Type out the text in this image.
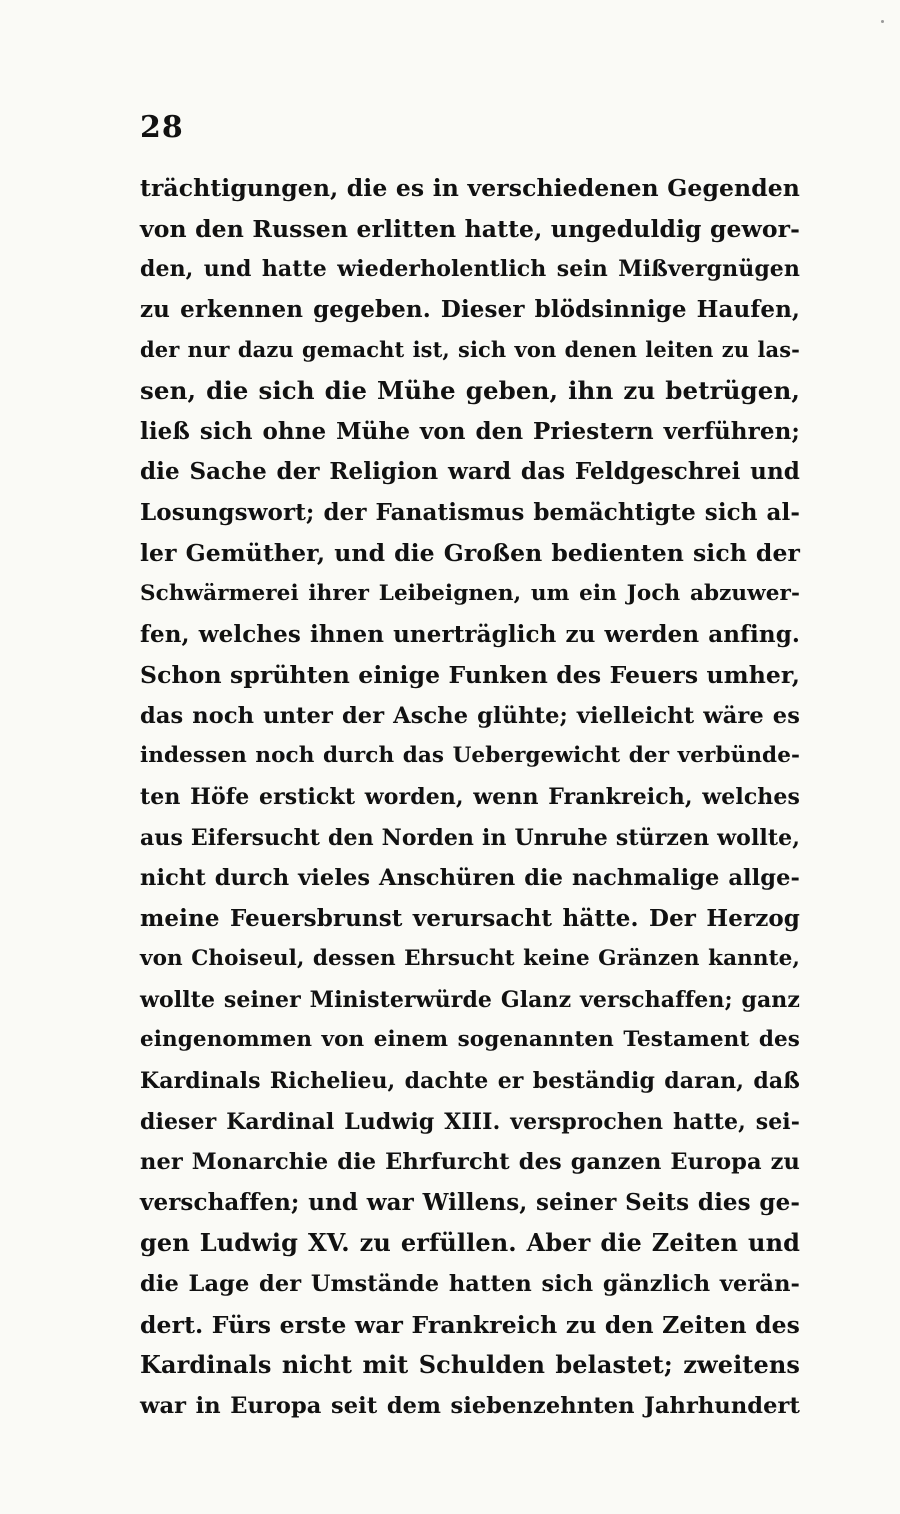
28
trächtigungen, die es in verschiedenen Gegenden
von den Russen erlitten hatte, ungeduldig gewor-
den, und hatte wiederholentlich sein Mißvergnügen
zu erkennen gegeben. Dieser blödsinnige Haufen,
der nur dazu gemacht ist, sich von denen leiten zu las-
sen, die sich die Mühe geben, ihn zu betrügen,
ließ sich ohne Mühe von den Priestern verführen;
die Sache der Religion ward das Feldgeschrei und
Losungswort; der Fanatismus bemächtigte sich al-
ler Gemüther, und die Großen bedienten sich der
Schwärmerei ihrer Leibeignen, um ein Joch abzuwer-
fen, welches ihnen unerträglich zu werden anfing.
Schon sprühten einige Funken des Feuers umher,
das noch unter der Asche glühte; vielleicht wäre es
indessen noch durch das Uebergewicht der verbünde-
ten Höfe erstickt worden, wenn Frankreich, welches
aus Eifersucht den Norden in Unruhe stürzen wollte,
nicht durch vieles Anschüren die nachmalige allge-
meine Feuersbrunst verursacht hätte. Der Herzog
von Choiseul, dessen Ehrsucht keine Gränzen kannte,
wollte seiner Ministerwürde Glanz verschaffen; ganz
eingenommen von einem sogenannten Testament des
Kardinals Richelieu, dachte er beständig daran, daß
dieser Kardinal Ludwig XIII. versprochen hatte, sei-
ner Monarchie die Ehrfurcht des ganzen Europa zu
verschaffen; und war Willens, seiner Seits dies ge-
gen Ludwig XV. zu erfüllen. Aber die Zeiten und
die Lage der Umstände hatten sich gänzlich verän-
dert. Fürs erste war Frankreich zu den Zeiten des
Kardinals nicht mit Schulden belastet; zweitens
war in Europa seit dem siebenzehnten Jahrhundert
